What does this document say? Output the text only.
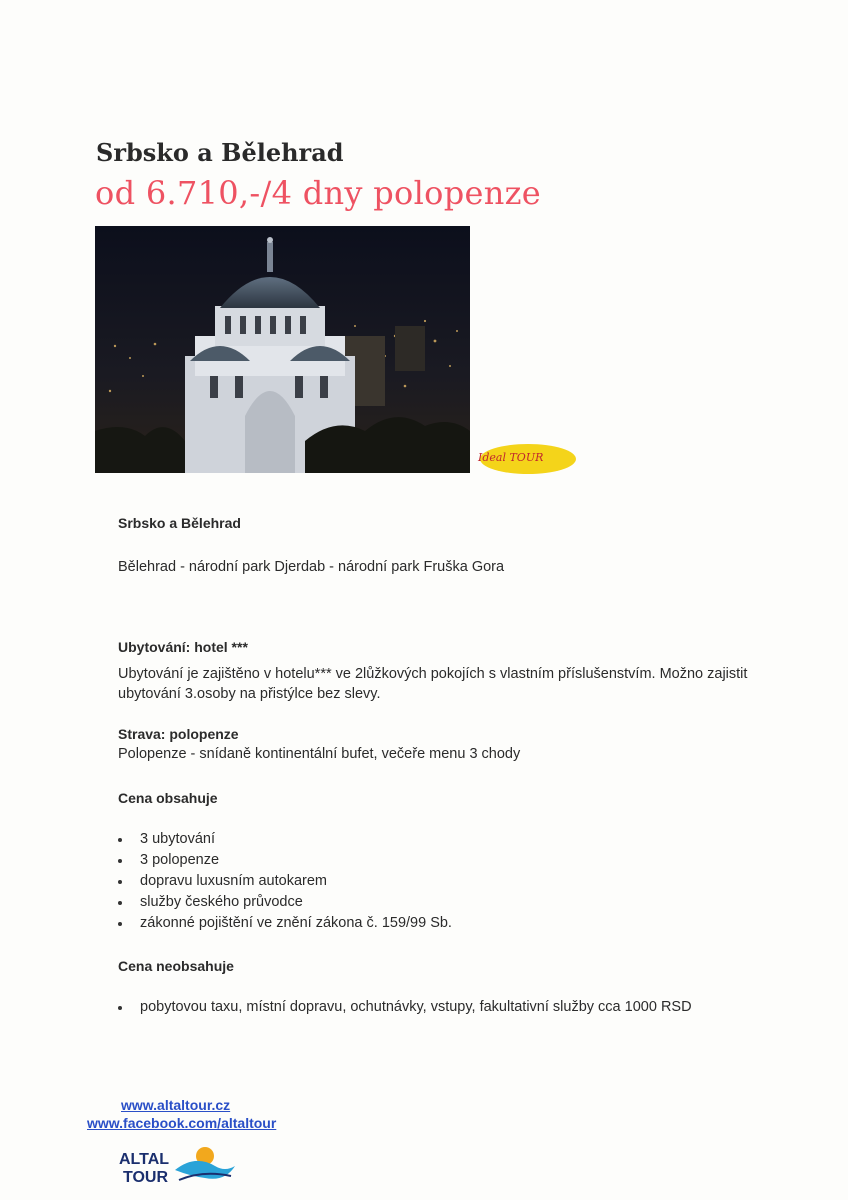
Srbsko a Bělehrad
od 6.710,-/4 dny polopenze
Ideal TOUR
Srbsko a Bělehrad
Bělehrad - národní park Djerdab - národní park Fruška Gora
Ubytování: hotel ***
Ubytování je zajištěno v hotelu*** ve 2lůžkových pokojích s vlastním příslušenstvím. Možno zajistit ubytování 3.osoby na přistýlce bez slevy.
Strava: polopenze
Polopenze - snídaně kontinentální bufet, večeře menu 3 chody
Cena obsahuje
3 ubytování
3 polopenze
dopravu luxusním autokarem
služby českého průvodce
zákonné pojištění ve znění zákona č. 159/99 Sb.
Cena neobsahuje
pobytovou taxu, místní dopravu, ochutnávky, vstupy, fakultativní služby cca 1000 RSD
www.altaltour.cz
www.facebook.com/altaltour
ALTAL
TOUR
